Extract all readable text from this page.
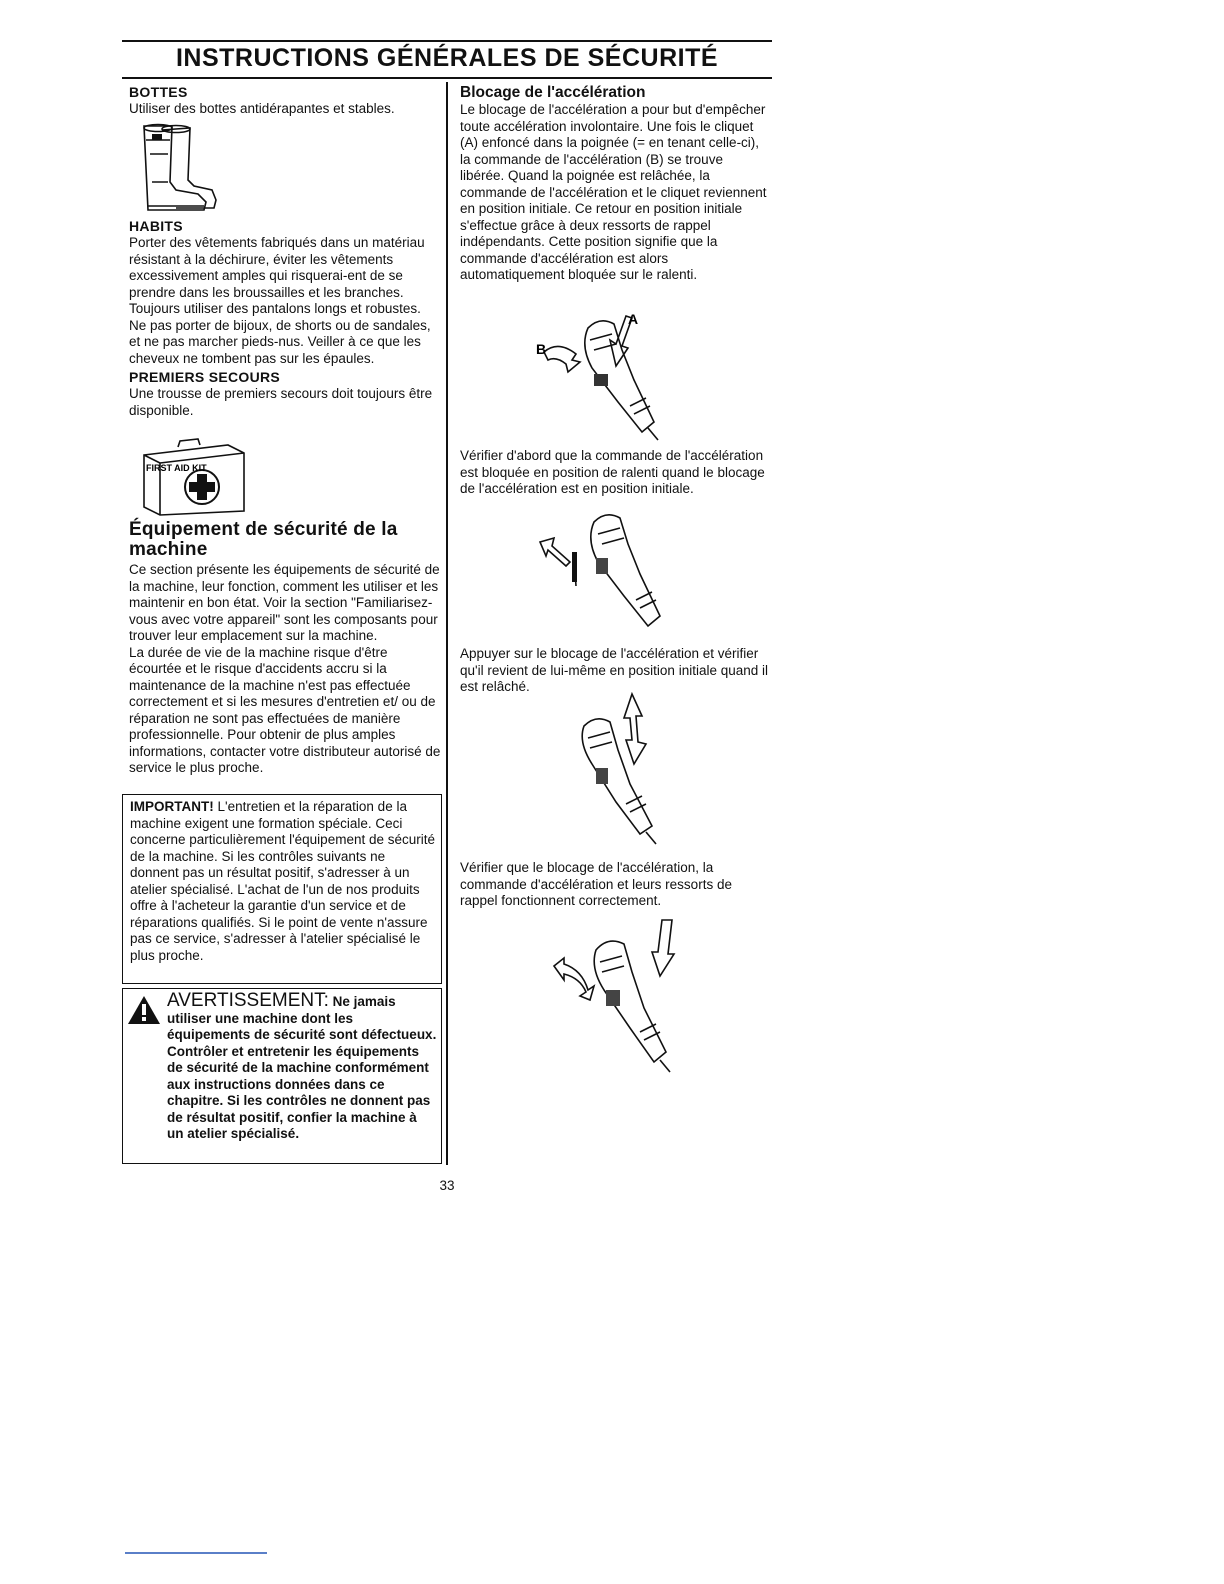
INSTRUCTIONS GÉNÉRALES DE SÉCURITÉ

BOTTES

Utiliser des bottes antidérapantes et stables.

HABITS

Porter des vêtements fabriqués dans un matériau résistant à la déchirure, éviter les vêtements excessivement amples qui risquerai-ent de se prendre dans les broussailles et les branches. Toujours utiliser des pantalons longs et robustes. Ne pas porter de bijoux, de shorts ou de sandales, et ne pas marcher pieds-nus. Veiller à ce que les cheveux ne tombent pas sur les épaules.

PREMIERS SECOURS

Une trousse de premiers secours doit toujours être disponible.

FIRST AID KIT

Équipement de sécurité de la machine

Ce section présente les équipements de sécurité de la machine, leur fonction, comment les utiliser et les maintenir en bon état. Voir la section "Familiarisez-vous avec votre appareil" sont les composants pour trouver leur emplacement sur la machine.

La durée de vie de la machine risque d'être écourtée et le risque d'accidents accru si la maintenance de la machine n'est pas effectuée correctement et si les mesures d'entretien et/ ou de réparation ne sont pas effectuées de manière professionnelle. Pour obtenir de plus amples informations, contacter votre distributeur autorisé de service le plus proche.

IMPORTANT! L'entretien et la réparation de la machine exigent une formation spéciale. Ceci concerne particulièrement l'équipement de sécurité de la machine. Si les contrôles suivants ne donnent pas un résultat positif, s'adresser à un atelier spécialisé. L'achat de l'un de nos produits offre à l'acheteur la garantie d'un service et de réparations qualifiés. Si le point de vente n'assure pas ce service, s'adresser à l'atelier spécialisé le plus proche.

AVERTISSEMENT: Ne jamais utiliser une machine dont les équipements de sécurité sont défectueux. Contrôler et entretenir les équipements de sécurité de la machine conformément aux instructions données dans ce chapitre. Si les contrôles ne donnent pas de résultat positif, confier la machine à un atelier spécialisé.

Blocage de l'accélération

Le blocage de l'accélération a pour but d'empêcher toute accélération involontaire. Une fois le cliquet (A) enfoncé dans la poignée (= en tenant celle-ci), la commande de l'accélération (B) se trouve libérée. Quand la poignée est relâchée, la commande de l'accélération et le cliquet reviennent en position initiale. Ce retour en position initiale s'effectue grâce à deux ressorts de rappel indépendants. Cette position signifie que la commande d'accélération est alors automatiquement bloquée sur le ralenti.

A
B

Vérifier d'abord que la commande de l'accélération est bloquée en position de ralenti quand le blocage de l'accélération est en position initiale.

Appuyer sur le blocage de l'accélération et vérifier qu'il revient de lui-même en position initiale quand il est relâché.

Vérifier que le blocage de l'accélération, la commande d'accélération et leurs ressorts de rappel fonctionnent correctement.

33
